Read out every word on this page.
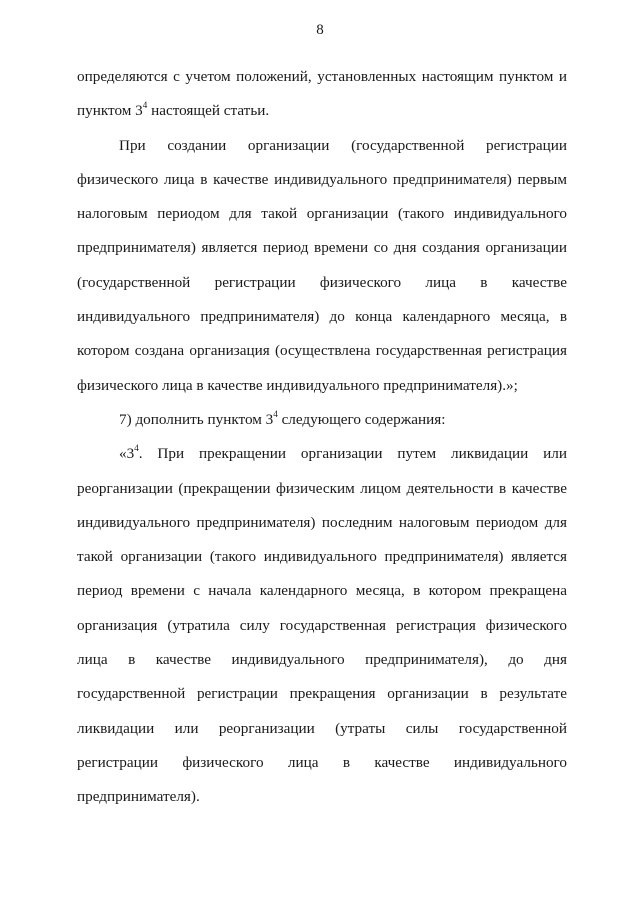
8

определяются с учетом положений, установленных настоящим пунктом и пунктом $3^4$ настоящей статьи.

При создании организации (государственной регистрации физического лица в качестве индивидуального предпринимателя) первым налоговым периодом для такой организации (такого индивидуального предпринимателя) является период времени со дня создания организации (государственной регистрации физического лица в качестве индивидуального предпринимателя) до конца календарного месяца, в котором создана организация (осуществлена государственная регистрация физического лица в качестве индивидуального предпринимателя).»;

7) дополнить пунктом $3^4$ следующего содержания:

«$3^4$. При прекращении организации путем ликвидации или реорганизации (прекращении физическим лицом деятельности в качестве индивидуального предпринимателя) последним налоговым периодом для такой организации (такого индивидуального предпринимателя) является период времени с начала календарного месяца, в котором прекращена организация (утратила силу государственная регистрация физического лица в качестве индивидуального предпринимателя), до дня государственной регистрации прекращения организации в результате ликвидации или реорганизации (утраты силы государственной регистрации физического лица в качестве индивидуального предпринимателя).
